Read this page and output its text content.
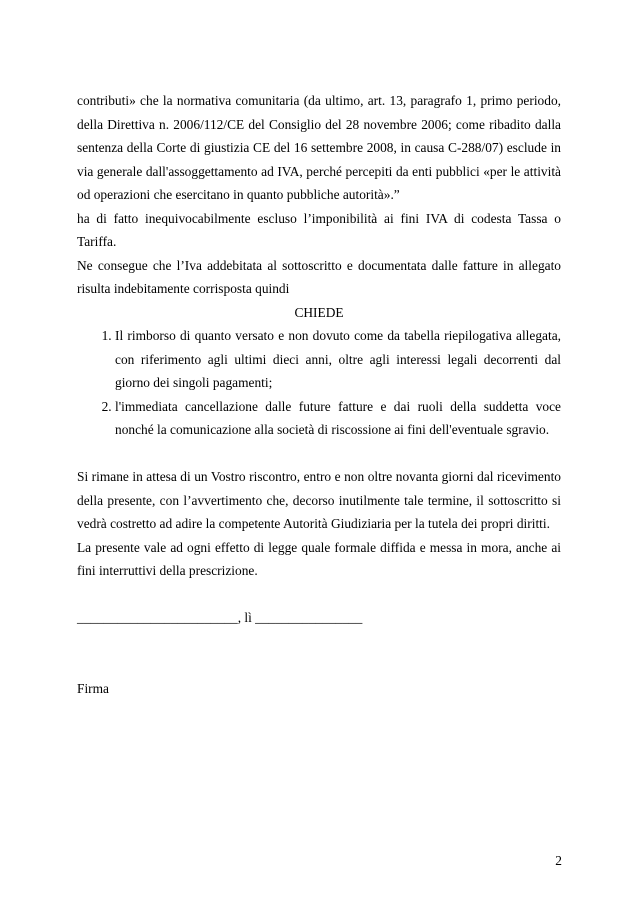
contributi» che la normativa comunitaria (da ultimo, art. 13, paragrafo 1, primo periodo, della Direttiva n. 2006/112/CE del Consiglio del 28 novembre 2006; come ribadito dalla sentenza della Corte di giustizia CE del 16 settembre 2008, in causa C-288/07) esclude in via generale dall'assoggettamento ad IVA, perché percepiti da enti pubblici «per le attività od operazioni che esercitano in quanto pubbliche autorità».”

ha di fatto inequivocabilmente escluso l’imponibilità ai fini IVA di codesta Tassa o Tariffa.

Ne consegue che l’Iva addebitata al sottoscritto e documentata dalle fatture in allegato risulta indebitamente corrisposta quindi

CHIEDE

1. Il rimborso di quanto versato e non dovuto come da tabella riepilogativa allegata, con riferimento agli ultimi dieci anni, oltre agli interessi legali decorrenti dal giorno dei singoli pagamenti;
2. l'immediata cancellazione dalle future fatture e dai ruoli della suddetta voce nonché la comunicazione alla società di riscossione ai fini dell'eventuale sgravio.

Si rimane in attesa di un Vostro riscontro, entro e non oltre novanta giorni dal ricevimento della presente, con l’avvertimento che, decorso inutilmente tale termine, il sottoscritto si vedrà costretto ad adire la competente Autorità Giudiziaria per la tutela dei propri diritti.

La presente vale ad ogni effetto di legge quale formale diffida e messa in mora, anche ai fini interruttivi della prescrizione.

________________________, lì ________________

Firma

2
